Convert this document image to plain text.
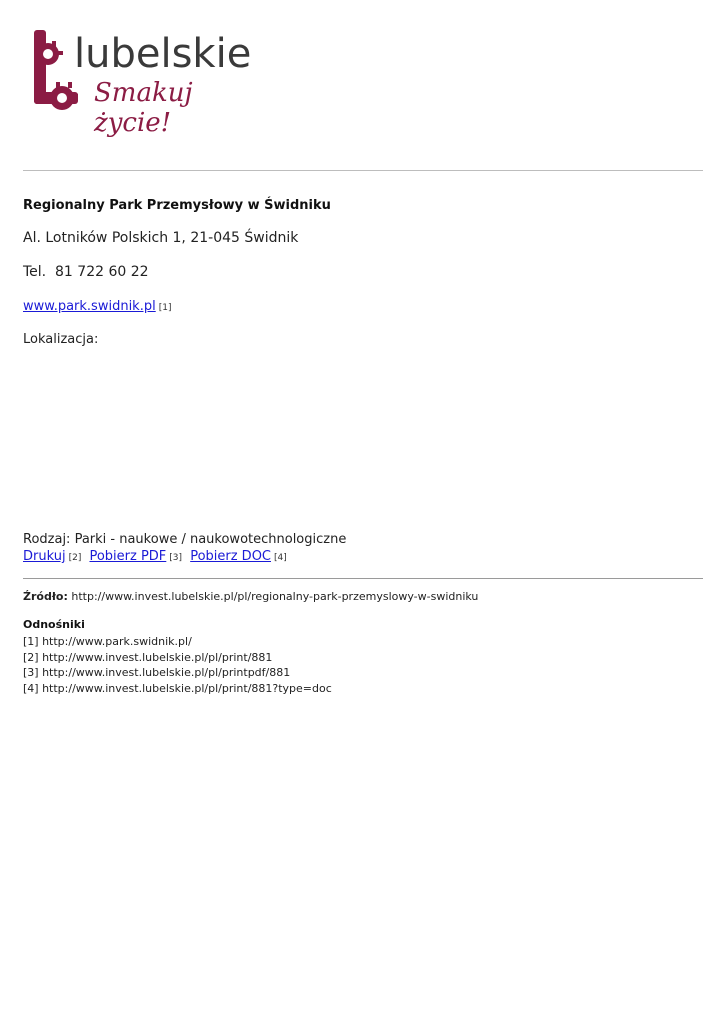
lubelskie
Smakuj życie!
Regionalny Park Przemysłowy w Świdniku
Al. Lotników Polskich 1, 21-045 Świdnik
Tel.  81 722 60 22
www.park.swidnik.pl [1]
Lokalizacja:
Rodzaj: Parki - naukowe / naukowotechnologiczne
Drukuj [2] Pobierz PDF [3] Pobierz DOC [4]
Źródło: http://www.invest.lubelskie.pl/pl/regionalny-park-przemyslowy-w-swidniku
Odnośniki
[1] http://www.park.swidnik.pl/
[2] http://www.invest.lubelskie.pl/pl/print/881
[3] http://www.invest.lubelskie.pl/pl/printpdf/881
[4] http://www.invest.lubelskie.pl/pl/print/881?type=doc
